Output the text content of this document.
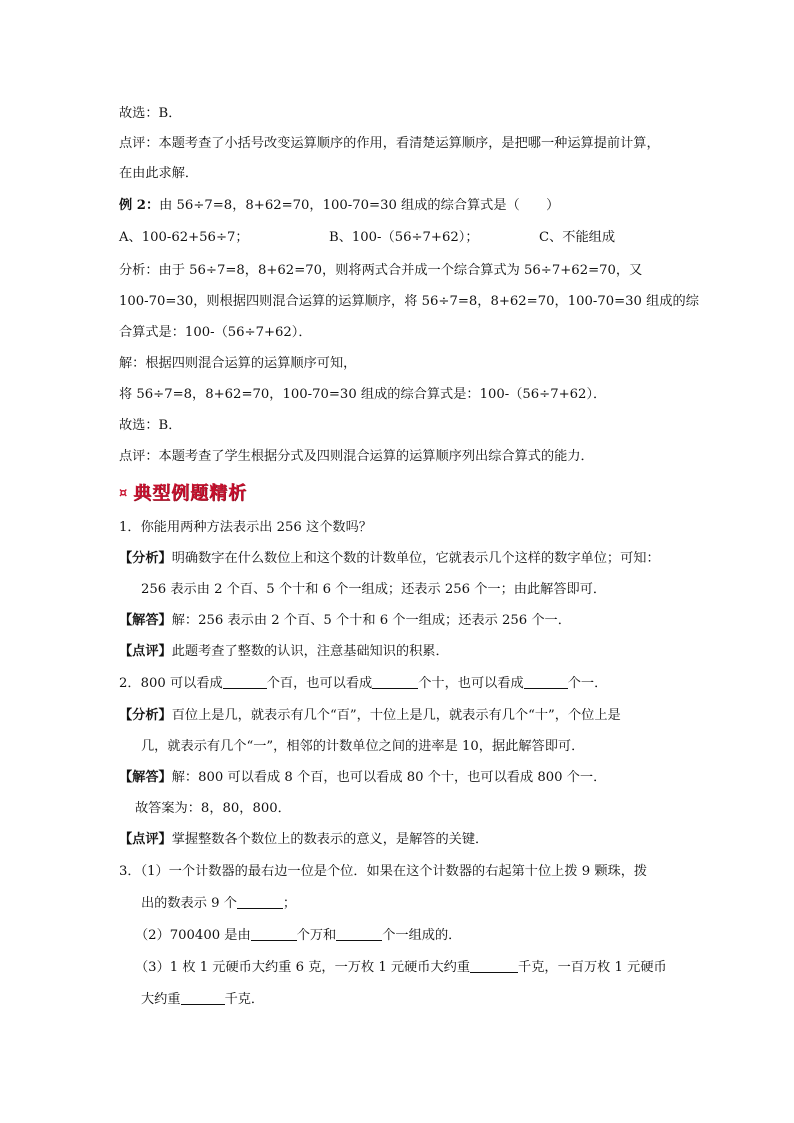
故选：B．
点评：本题考查了小括号改变运算顺序的作用，看清楚运算顺序，是把哪一种运算提前计算，
在由此求解．
例 2：由 56÷7=8，8+62=70，100-70=30 组成的综合算式是（　　）
A、100-62+56÷7；	B、100-（56÷7+62）；	C、不能组成
分析：由于 56÷7=8，8+62=70，则将两式合并成一个综合算式为 56÷7+62=70，又
100-70=30，则根据四则混合运算的运算顺序，将 56÷7=8，8+62=70，100-70=30 组成的综
合算式是：100-（56÷7+62）．
解：根据四则混合运算的运算顺序可知，
将 56÷7=8，8+62=70，100-70=30 组成的综合算式是：100-（56÷7+62）．
故选：B．
点评：本题考查了学生根据分式及四则混合运算的运算顺序列出综合算式的能力．
¤ 典型例题精析
1．你能用两种方法表示出 256 这个数吗？
【分析】明确数字在什么数位上和这个数的计数单位，它就表示几个这样的数字单位；可知：
256 表示由 2 个百、5 个十和 6 个一组成；还表示 256 个一；由此解答即可．
【解答】解：256 表示由 2 个百、5 个十和 6 个一组成；还表示 256 个一．
【点评】此题考查了整数的认识，注意基础知识的积累．
2．800 可以看成	个百，也可以看成	个十，也可以看成	个一．
【分析】百位上是几，就表示有几个“百”，十位上是几，就表示有几个“十”，个位上是
几，就表示有几个“一”，相邻的计数单位之间的进率是 10，据此解答即可．
【解答】解：800 可以看成 8 个百，也可以看成 80 个十，也可以看成 800 个一．
故答案为：8，80，800．
【点评】掌握整数各个数位上的数表示的意义，是解答的关键．
3．（1）一个计数器的最右边一位是个位．如果在这个计数器的右起第十位上拨 9 颗珠，拨
出的数表示 9 个	；
（2）700400 是由	个万和	个一组成的．
（3）1 枚 1 元硬币大约重 6 克，一万枚 1 元硬币大约重	千克，一百万枚 1 元硬币
大约重	千克．
